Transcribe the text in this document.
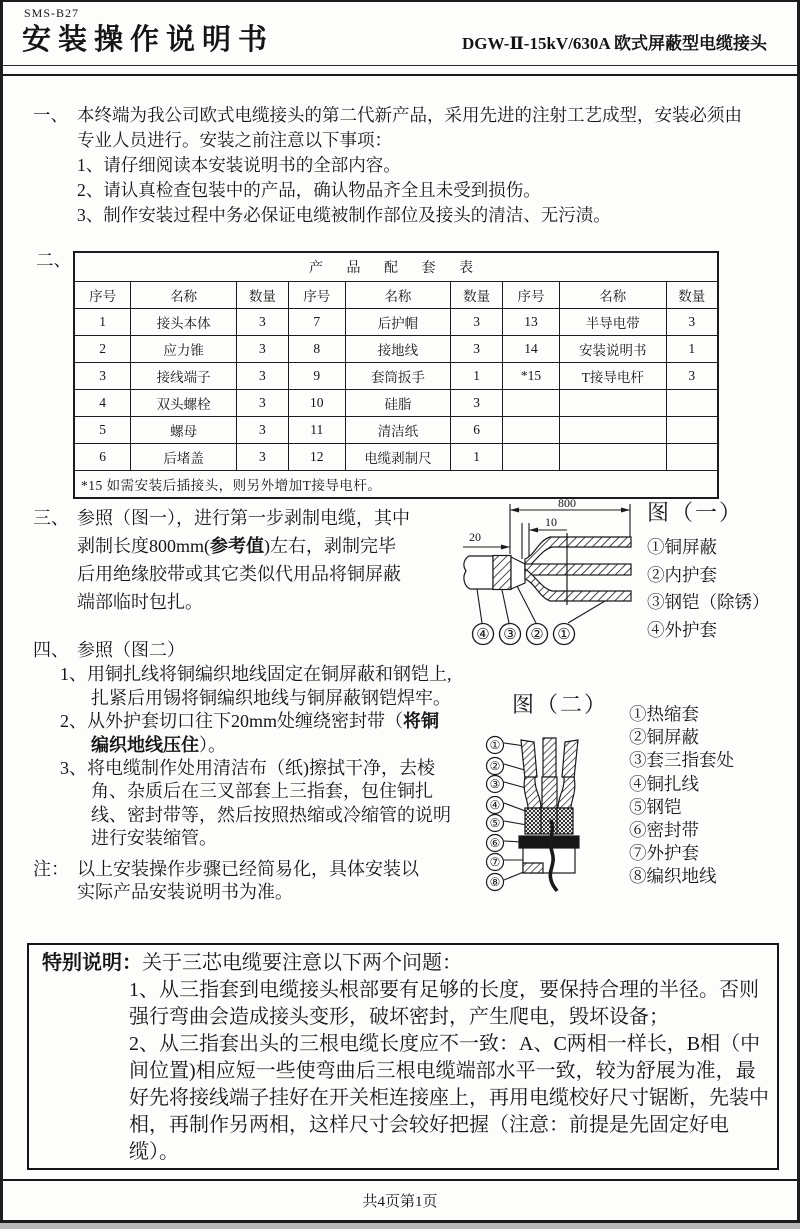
SMS-B27
安装操作说明书	DGW-Ⅱ-15kV/630A 欧式屏蔽型电缆接头
一、 本终端为我公司欧式电缆接头的第二代新产品，采用先进的注射工艺成型，安装必须由专业人员进行。安装之前注意以下事项：
1、请仔细阅读本安装说明书的全部内容。
2、请认真检查包装中的产品，确认物品齐全且未受到损伤。
3、制作安装过程中务必保证电缆被制作部位及接头的清洁、无污渍。
二、	产 品 配 套 表								
序号	名称	数量	序号	名称	数量	序号	名称	数量
1	接头本体	3	7	后护帽	3	13	半导电带	3
2	应力锥	3	8	接地线	3	14	安装说明书	1
3	接线端子	3	9	套筒扳手	1	*15	T接导电杆	3
4	双头螺栓	3	10	硅脂	3			
5	螺母	3	11	清洁纸	6			
6	后堵盖	3	12	电缆剥制尺	1			
*15 如需安装后插接头，则另外增加T接导电杆。								
三、 参照（图一），进行第一步剥制电缆，其中剥制长度800mm(参考值)左右，剥制完毕后用绝缘胶带或其它类似代用品将铜屏蔽端部临时包扎。
四、 参照（图二）

1、用铜扎线将铜编织地线固定在铜屏蔽和钢铠上,扎紧后用锡将铜编织地线与铜屏蔽钢铠焊牢。

2、从外护套切口往下20mm处缠绕密封带（将铜编织地线压住）。

3、将电缆制作处用清洁布（纸)擦拭干净，去棱角、杂质后在三叉部套上三指套，包住铜扎线、密封带等，然后按照热缩或冷缩管的说明进行安装缩管。

注： 以上安装操作步骤已经简易化，具体安装以实际产品安装说明书为准。
图（一）
①铜屏蔽
②内护套
③钢铠（除锈）
④外护套
800
10
20
④ ③ ② ①
图（二） ①热缩套
②铜屏蔽
③套三指套处
④铜扎线
⑤钢铠
⑥密封带
⑦外护套
⑧编织地线
①
②
③
④
⑤
⑥
⑦
⑧
特别说明：关于三芯电缆要注意以下两个问题：
1、从三指套到电缆接头根部要有足够的长度，要保持合理的半径。否则强行弯曲会造成接头变形，破坏密封，产生爬电，毁坏设备；
2、从三指套出头的三根电缆长度应不一致：A、C两相一样长，B相（中间位置)相应短一些使弯曲后三根电缆端部水平一致，较为舒展为准，最好先将接线端子挂好在开关柜连接座上，再用电缆校好尺寸锯断，先装中相，再制作另两相，这样尺寸会较好把握（注意：前提是先固定好电缆）。
共4页第1页
